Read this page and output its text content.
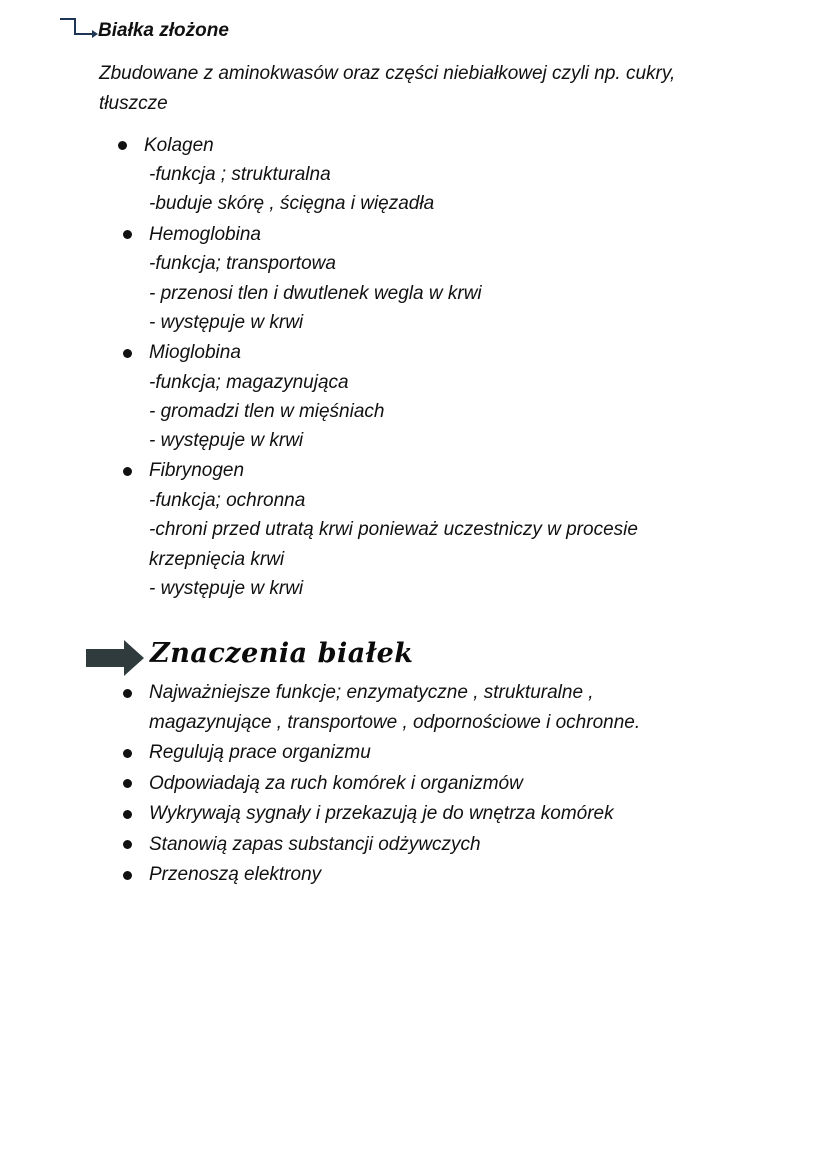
Białka złożone
Zbudowane z aminokwasów oraz części niebiałkowej czyli np. cukry,
tłuszcze
Kolagen
-funkcja ; strukturalna
-buduje skórę , ścięgna i więzadła
Hemoglobina
-funkcja; transportowa
- przenosi tlen i dwutlenek wegla w krwi
- występuje w krwi
Mioglobina
-funkcja; magazynująca
- gromadzi tlen w mięśniach
- występuje w krwi
Fibrynogen
-funkcja; ochronna
-chroni przed utratą krwi ponieważ uczestniczy w procesie
krzepnięcia krwi
- występuje w krwi
Znaczenia białek
Najważniejsze funkcje; enzymatyczne , strukturalne ,
magazynujące , transportowe , odpornościowe i ochronne.
Regulują prace organizmu
Odpowiadają za ruch komórek i organizmów
Wykrywają sygnały i przekazują je do wnętrza komórek
Stanowią zapas substancji odżywczych
Przenoszą elektrony
